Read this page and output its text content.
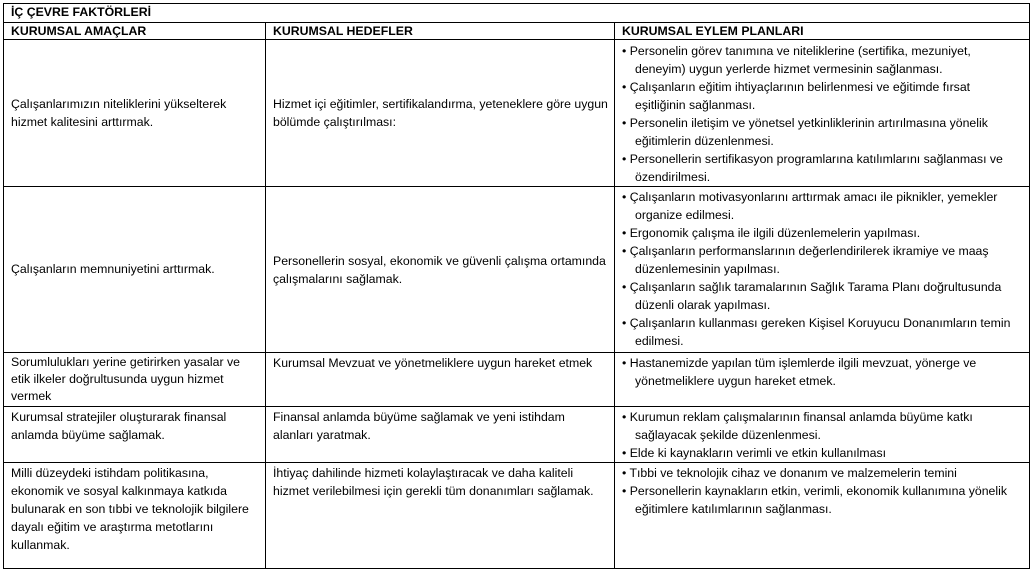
İÇ ÇEVRE FAKTÖRLERİ
KURUMSAL AMAÇLAR	KURUMSAL HEDEFLER	KURUMSAL EYLEM PLANLARI
Çalışanlarımızın niteliklerini yükselterek hizmet kalitesini arttırmak.
Hizmet içi eğitimler, sertifikalandırma, yeteneklere göre uygun bölümde çalıştırılması:

• Personelin görev tanımına ve niteliklerine (sertifika, mezuniyet, deneyim) uygun yerlerde hizmet vermesinin sağlanması.

• Çalışanların eğitim ihtiyaçlarının belirlenmesi ve eğitimde fırsat eşitliğinin sağlanması.

• Personelin iletişim ve yönetsel yetkinliklerinin artırılmasına yönelik eğitimlerin düzenlenmesi.

• Personellerin sertifikasyon programlarına katılımlarını sağlanması ve özendirilmesi.

Çalışanların memnuniyetini arttırmak.
Personellerin sosyal, ekonomik ve güvenli çalışma ortamında çalışmalarını sağlamak.

• Çalışanların motivasyonlarını arttırmak amacı ile piknikler, yemekler organize edilmesi.

• Ergonomik çalışma ile ilgili düzenlemelerin yapılması.

• Çalışanların performanslarının değerlendirilerek ikramiye ve maaş düzenlemesinin yapılması.

• Çalışanların sağlık taramalarının Sağlık Tarama Planı doğrultusunda düzenli olarak yapılması.

• Çalışanların kullanması gereken Kişisel Koruyucu Donanımların temin edilmesi.

Sorumlulukları yerine getirirken yasalar ve etik ilkeler doğrultusunda uygun hizmet vermek
Kurumsal Mevzuat ve yönetmeliklere uygun hareket etmek

•	Hastanemizde yapılan tüm işlemlerde ilgili mevzuat, yönerge ve yönetmeliklere uygun hareket etmek.

Kurumsal stratejiler oluşturarak finansal anlamda büyüme sağlamak.
Finansal anlamda büyüme sağlamak ve yeni istihdam alanları yaratmak.

• Kurumun reklam çalışmalarının finansal anlamda büyüme katkı sağlayacak şekilde düzenlenmesi.

• Elde ki kaynakların verimli ve etkin kullanılması

Milli düzeydeki istihdam politikasına, ekonomik ve sosyal kalkınmaya katkıda bulunarak en son tıbbi ve teknolojik bilgilere dayalı eğitim ve araştırma metotlarını kullanmak.
İhtiyaç dahilinde hizmeti kolaylaştıracak ve daha kaliteli hizmet verilebilmesi için gerekli tüm donanımları sağlamak.

• Tıbbi ve teknolojik cihaz ve donanım ve malzemelerin temini

• Personellerin kaynakların etkin, verimli, ekonomik kullanımına yönelik eğitimlere katılımlarının sağlanması.
